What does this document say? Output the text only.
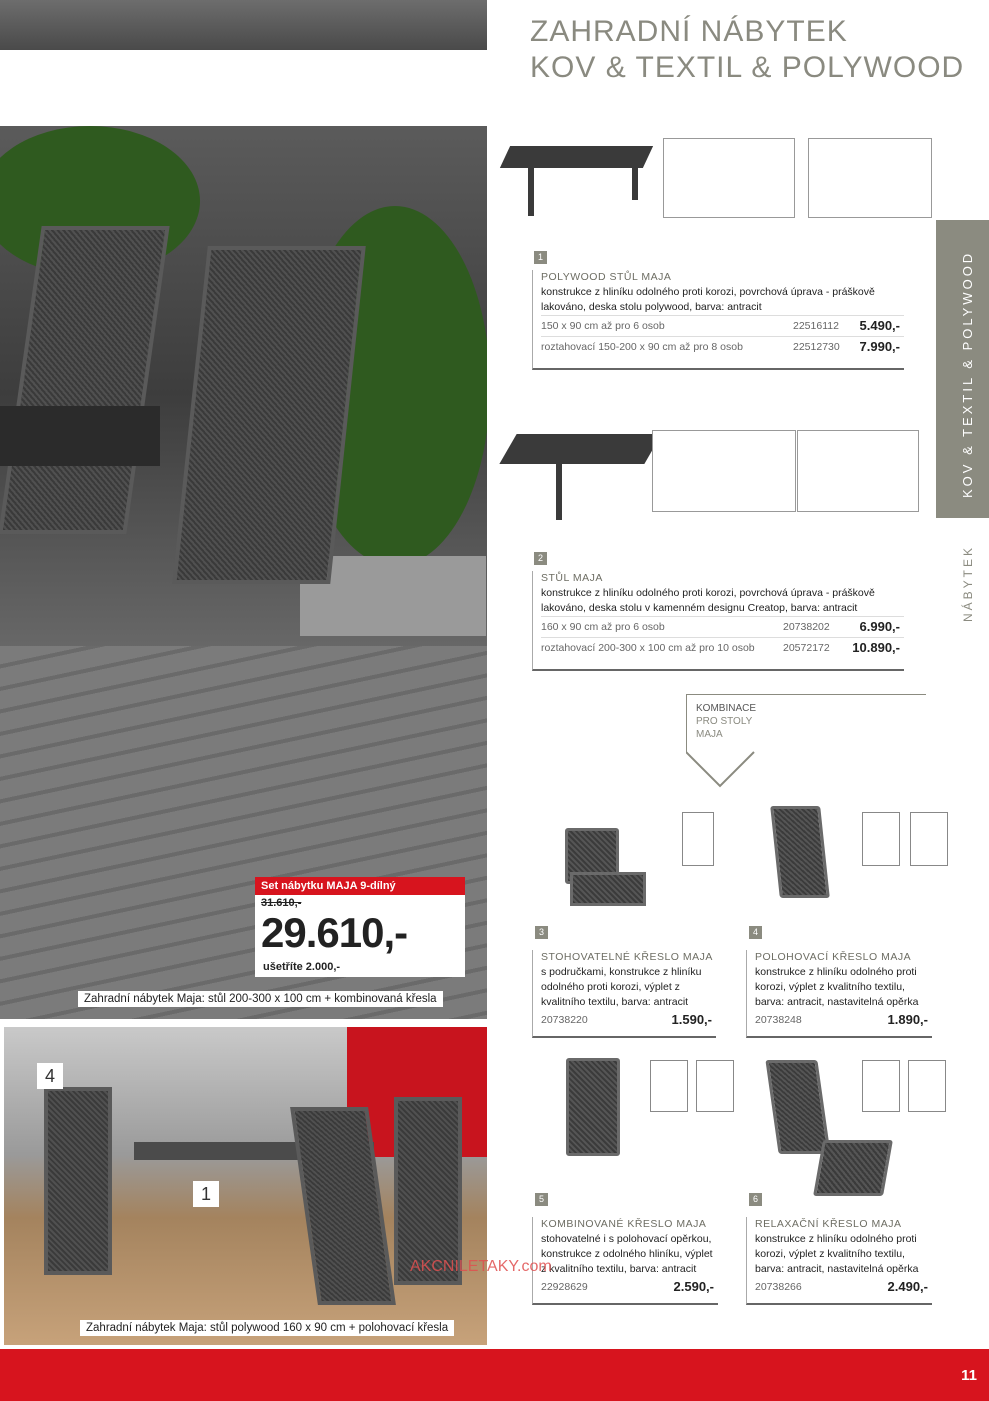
Set nábytku MAJA 9-dílný
31.610,-
29.610,-
ušetříte 2.000,-
Zahradní nábytek Maja: stůl 200-300 x 100 cm + kombinovaná křesla
4
1
Zahradní nábytek Maja: stůl polywood 160 x 90 cm + polohovací křesla
ZAHRADNÍ NÁBYTEK
KOV & TEXTIL & POLYWOOD
KOV & TEXTIL & POLYWOOD
NÁBYTEK
1
POLYWOOD STŮL MAJA
konstrukce z hliníku odolného proti korozi, povrchová úprava - práškově lakováno, deska stolu polywood, barva: antracit
150 x 90 cm až pro 6 osob	22516112 5.490,-
roztahovací 150-200 x 90 cm až pro 8 osob	22512730 7.990,-
2
STŮL MAJA
konstrukce z hliníku odolného proti korozi, povrchová úprava - práškově lakováno, deska stolu v kamenném designu Creatop, barva: antracit
160 x 90 cm až pro 6 osob	20738202 6.990,-
roztahovací 200-300 x 100 cm až pro 10 osob	20572172 10.890,-
KOMBINACE
PRO STOLY
MAJA
3
STOHOVATELNÉ KŘESLO MAJA
s područkami, konstrukce z hliníku odolného proti korozi, výplet z kvalitního textilu, barva: antracit
20738220	1.590,-
4
POLOHOVACÍ KŘESLO MAJA
konstrukce z hliníku odolného proti korozi, výplet z kvalitního textilu, barva: antracit, nastavitelná opěrka
20738248	1.890,-
5
KOMBINOVANÉ KŘESLO MAJA
stohovatelné i s polohovací opěrkou, konstrukce z odolného hliníku, výplet z kvalitního textilu, barva: antracit
22928629	2.590,-
6
RELAXAČNÍ KŘESLO MAJA
konstrukce z hliníku odolného proti korozi, výplet z kvalitního textilu, barva: antracit, nastavitelná opěrka
20738266	2.490,-
AKCNILETAKY.com
11
